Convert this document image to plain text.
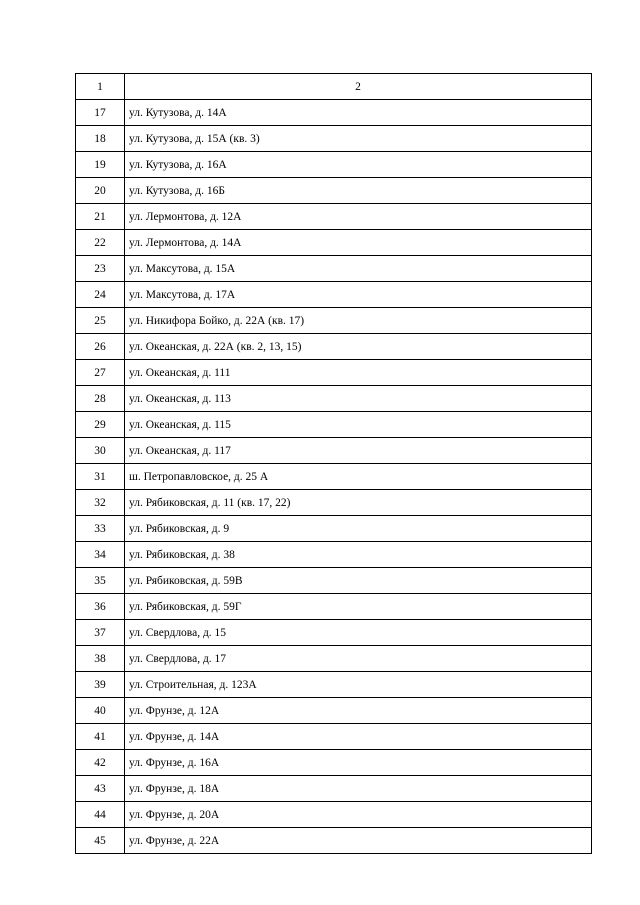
1	2
17	ул. Кутузова, д. 14А
18	ул. Кутузова, д. 15А (кв. 3)
19	ул. Кутузова, д. 16А
20	ул. Кутузова, д. 16Б
21	ул. Лермонтова, д. 12А
22	ул. Лермонтова, д. 14А
23	ул. Максутова, д. 15А
24	ул. Максутова, д. 17А
25	ул. Никифора Бойко, д. 22А (кв. 17)
26	ул. Океанская, д. 22А (кв. 2, 13, 15)
27	ул. Океанская, д. 111
28	ул. Океанская, д. 113
29	ул. Океанская, д. 115
30	ул. Океанская, д. 117
31	ш. Петропавловское, д. 25 А
32	ул. Рябиковская, д. 11 (кв. 17, 22)
33	ул. Рябиковская, д. 9
34	ул. Рябиковская, д. 38
35	ул. Рябиковская, д. 59В
36	ул. Рябиковская, д. 59Г
37	ул. Свердлова, д. 15
38	ул. Свердлова, д. 17
39	ул. Строительная, д. 123А
40	ул. Фрунзе, д. 12А
41	ул. Фрунзе, д. 14А
42	ул. Фрунзе, д. 16А
43	ул. Фрунзе, д. 18А
44	ул. Фрунзе, д. 20А
45	ул. Фрунзе, д. 22А
